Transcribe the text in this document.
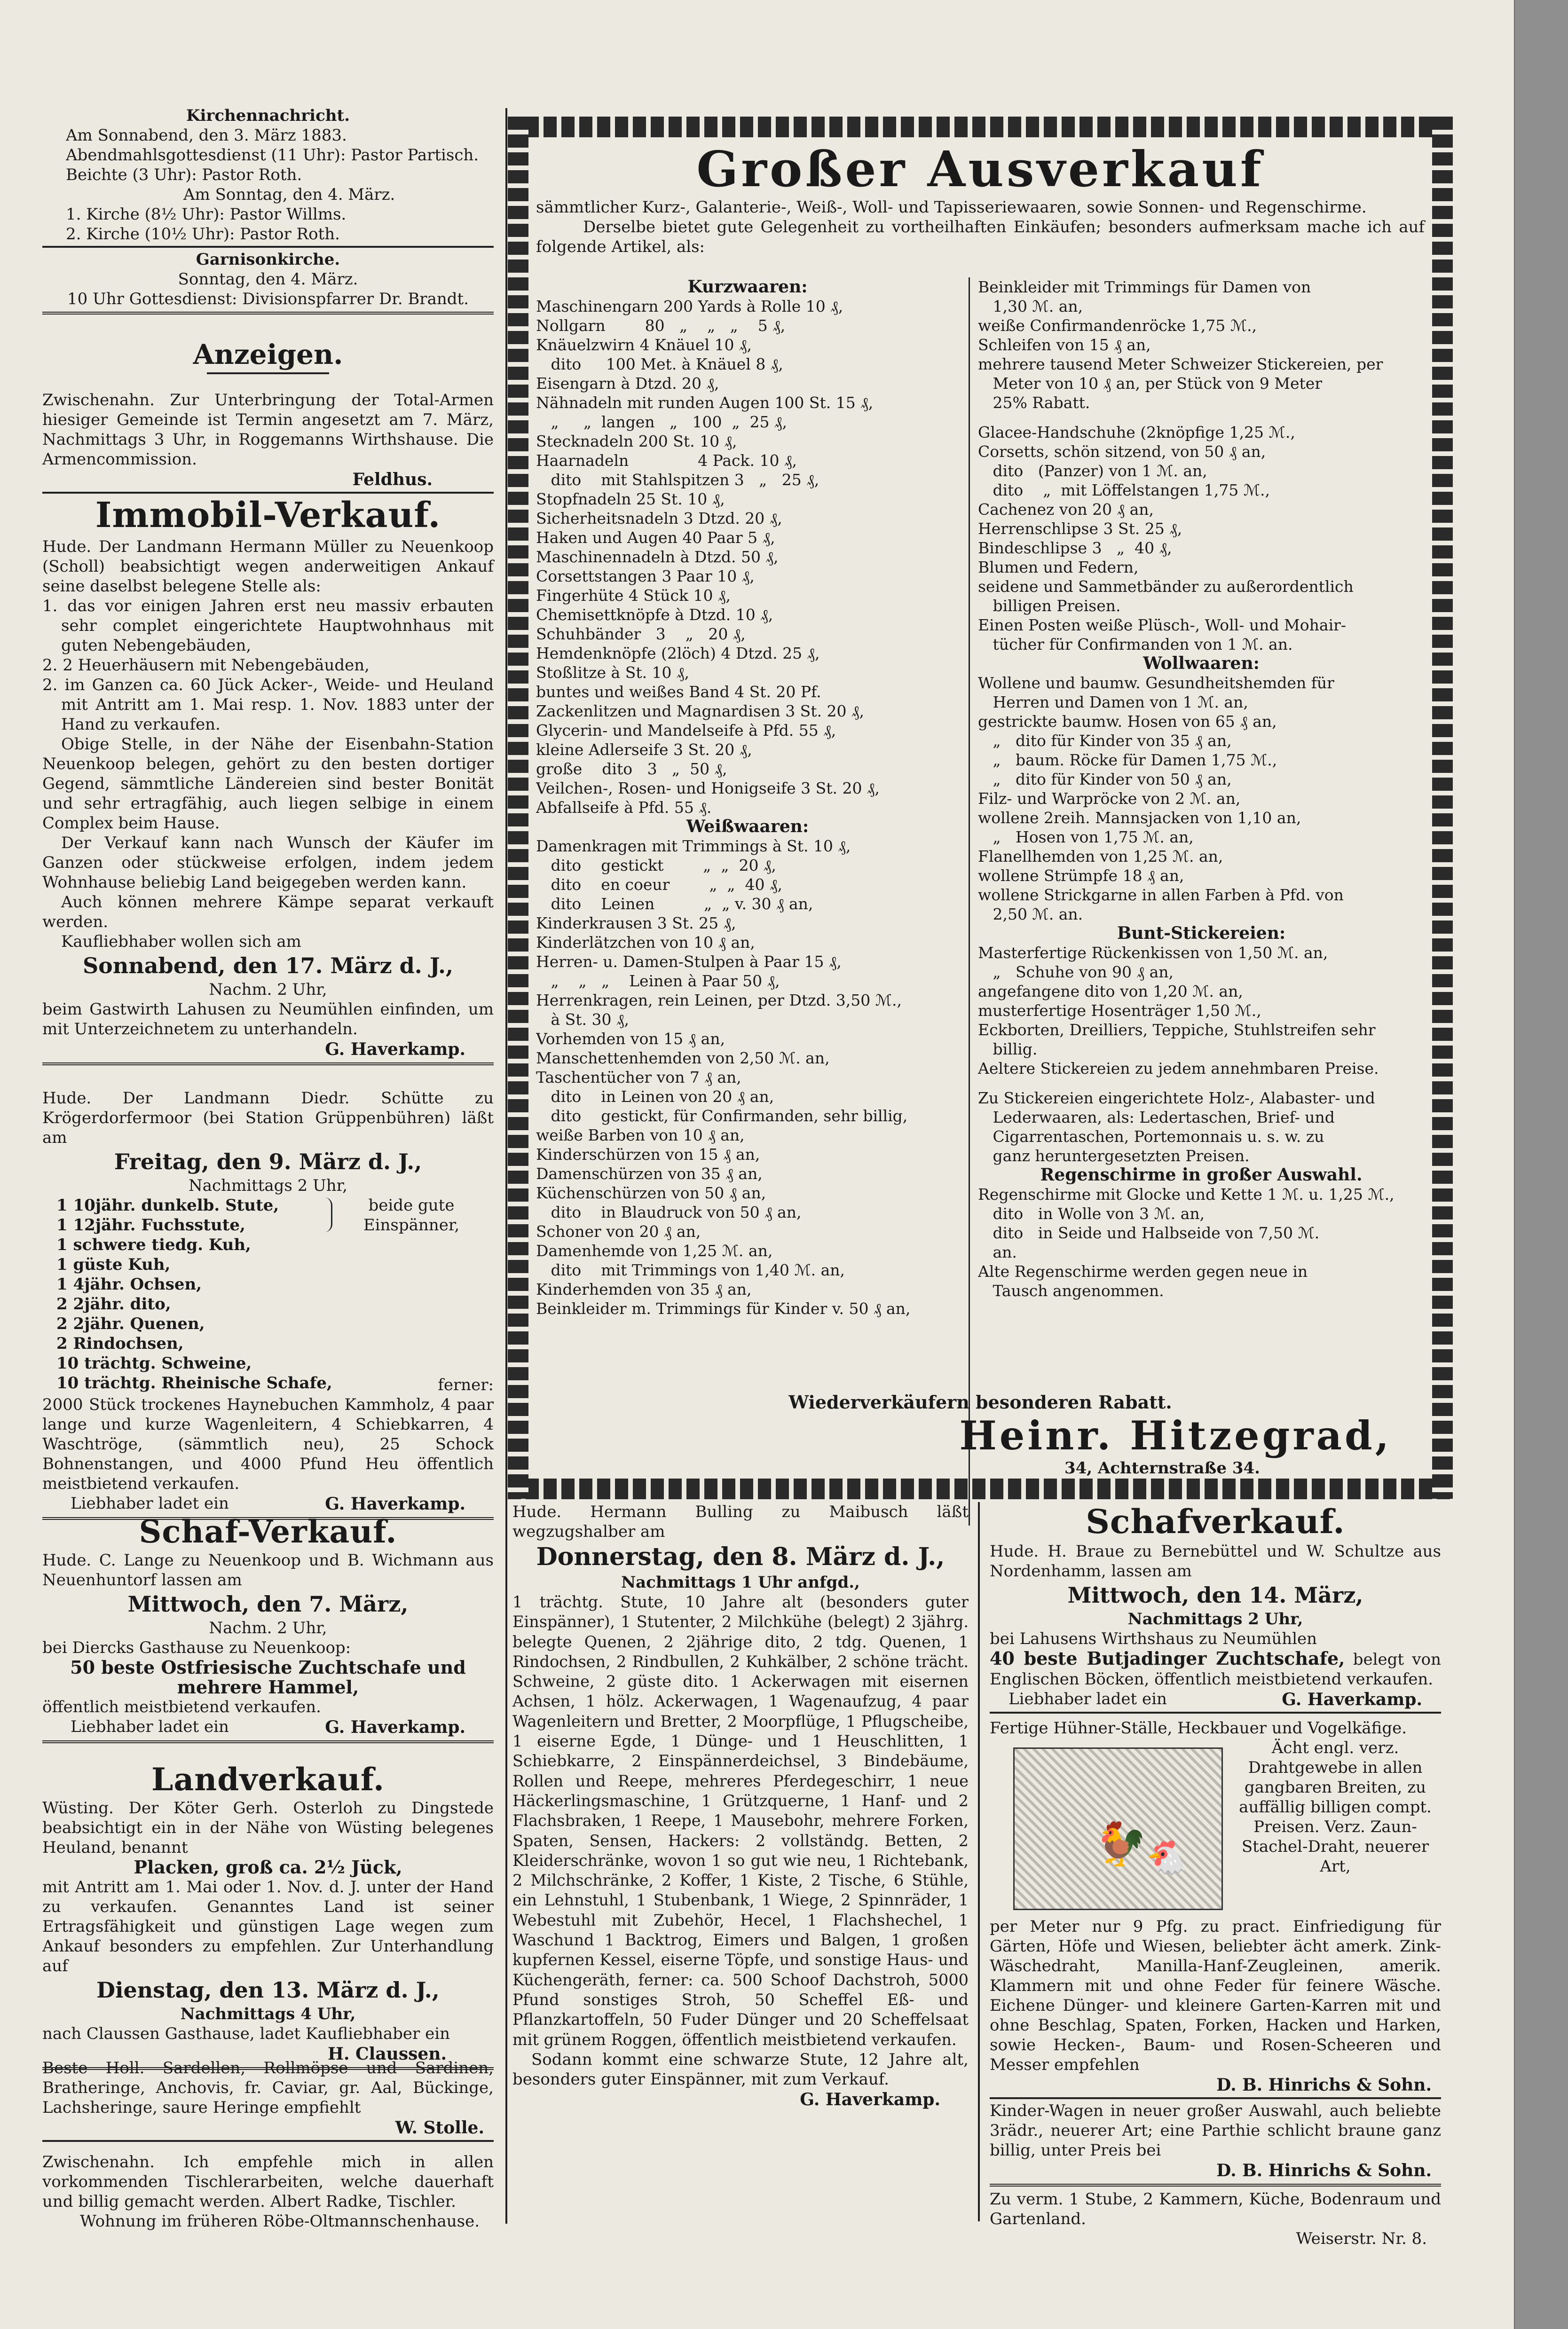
Kirchennachricht.

Am Sonnabend, den 3. März 1883.

Abendmahlsgottesdienst (11 Uhr): Pastor Partisch.

Beichte (3 Uhr): Pastor Roth.

Am Sonntag, den 4. März.

1. Kirche (8½ Uhr): Pastor Willms.

2. Kirche (10½ Uhr): Pastor Roth.

Garnisonkirche.

Sonntag, den 4. März.

10 Uhr Gottesdienst: Divisionspfarrer Dr. Brandt.

Anzeigen.

Zwischenahn. Zur Unterbringung der Total-Armen hiesiger Gemeinde ist Termin angesetzt am 7. März, Nachmittags 3 Uhr, in Roggemanns Wirthshause. Die Armencommission.

Feldhus.

Immobil-Verkauf.

Hude. Der Landmann Hermann Müller zu Neuenkoop (Scholl) beabsichtigt wegen anderweitigen Ankauf seine daselbst belegene Stelle als:

1. das vor einigen Jahren erst neu massiv erbauten sehr complet eingerichtete Hauptwohnhaus mit guten Nebengebäuden,

2. 2 Heuerhäusern mit Nebengebäuden,

2. im Ganzen ca. 60 Jück Acker-, Weide- und Heuland mit Antritt am 1. Mai resp. 1. Nov. 1883 unter der Hand zu verkaufen.

Obige Stelle, in der Nähe der Eisenbahn-Station Neuenkoop belegen, gehört zu den besten dortiger Gegend, sämmtliche Ländereien sind bester Bonität und sehr ertragfähig, auch liegen selbige in einem Complex beim Hause.

Der Verkauf kann nach Wunsch der Käufer im Ganzen oder stückweise erfolgen, indem jedem Wohnhause beliebig Land beigegeben werden kann.

Auch können mehrere Kämpe separat verkauft werden.

Kaufliebhaber wollen sich am

Sonnabend, den 17. März d. J.,

Nachm. 2 Uhr,

beim Gastwirth Lahusen zu Neumühlen einfinden, um mit Unterzeichnetem zu unterhandeln.

G. Haverkamp.

Hude. Der Landmann Diedr. Schütte zu Krögerdorfermoor (bei Station Grüppenbühren) läßt am

Freitag, den 9. März d. J.,

Nachmittags 2 Uhr,

1 10jähr. dunkelb. Stute,

1 12jähr. Fuchsstute,

1 schwere tiedg. Kuh,

1 güste Kuh,

1 4jähr. Ochsen,

2 2jähr. dito,

2 2jähr. Quenen,

2 Rindochsen,

10 trächtg. Schweine,

10 trächtg. Rheinische Schafe,	ferner:

beide gute Einspänner,

2000 Stück trockenes Haynebuchen Kammholz, 4 paar lange und kurze Wagenleitern, 4 Schiebkarren, 4 Waschtröge, (sämmtlich neu), 25 Schock Bohnenstangen, und 4000 Pfund Heu öffentlich meistbietend verkaufen.

Liebhaber ladet ein	G. Haverkamp.

Schaf-Verkauf.

Hude. C. Lange zu Neuenkoop und B. Wichmann aus Neuenhuntorf lassen am

Mittwoch, den 7. März,

Nachm. 2 Uhr,

bei Diercks Gasthause zu Neuenkoop:

50 beste Ostfriesische Zuchtschafe und mehrere Hammel,

öffentlich meistbietend verkaufen.

Liebhaber ladet ein	G. Haverkamp.

Landverkauf.

Wüsting. Der Köter Gerh. Osterloh zu Dingstede beabsichtigt ein in der Nähe von Wüsting belegenes Heuland, benannt

Placken, groß ca. 2½ Jück,

mit Antritt am 1. Mai oder 1. Nov. d. J. unter der Hand zu verkaufen. Genanntes Land ist seiner Ertragsfähigkeit und günstigen Lage wegen zum Ankauf besonders zu empfehlen. Zur Unterhandlung auf

Dienstag, den 13. März d. J.,

Nachmittags 4 Uhr,

nach Claussen Gasthause, ladet Kaufliebhaber ein

H. Claussen.

Beste Holl. Sardellen, Rollmöpse und Sardinen, Bratheringe, Anchovis, fr. Caviar, gr. Aal, Bückinge, Lachsheringe, saure Heringe empfiehlt

W. Stolle.

Zwischenahn. Ich empfehle mich in allen vorkommenden Tischlerarbeiten, welche dauerhaft und billig gemacht werden. Albert Radke, Tischler.

Wohnung im früheren Röbe-Oltmannschenhause.

Großer Ausverkauf

sämmtlicher Kurz-, Galanterie-, Weiß-, Woll- und Tapisseriewaaren, sowie Sonnen- und Regenschirme.

Derselbe bietet gute Gelegenheit zu vortheilhaften Einkäufen; besonders aufmerksam mache ich auf folgende Artikel, als:

Kurzwaaren:

Maschinengarn 200 Yards à Rolle 10 ₰,

Nollgarn        80   „    „   „    5 ₰,

Knäuelzwirn 4 Knäuel 10 ₰,

dito     100 Met. à Knäuel 8 ₰,

Eisengarn à Dtzd. 20 ₰,

Nähnadeln mit runden Augen 100 St. 15 ₰,

„     „  langen   „   100  „  25 ₰,

Stecknadeln 200 St. 10 ₰,

Haarnadeln              4 Pack. 10 ₰,

dito    mit Stahlspitzen 3   „   25 ₰,

Stopfnadeln 25 St. 10 ₰,

Sicherheitsnadeln 3 Dtzd. 20 ₰,

Haken und Augen 40 Paar 5 ₰,

Maschinennadeln à Dtzd. 50 ₰,

Corsettstangen 3 Paar 10 ₰,

Fingerhüte 4 Stück 10 ₰,

Chemisettknöpfe à Dtzd. 10 ₰,

Schuhbänder   3    „   20 ₰,

Hemdenknöpfe (2löch) 4 Dtzd. 25 ₰,

Stoßlitze à St. 10 ₰,

buntes und weißes Band 4 St. 20 Pf.

Zackenlitzen und Magnardisen 3 St. 20 ₰,

Glycerin- und Mandelseife à Pfd. 55 ₰,

kleine Adlerseife 3 St. 20 ₰,

große    dito   3   „  50 ₰,

Veilchen-, Rosen- und Honigseife 3 St. 20 ₰,

Abfallseife à Pfd. 55 ₰.

Weißwaaren:

Damenkragen mit Trimmings à St. 10 ₰,

dito    gestickt        „  „  20 ₰,

dito    en coeur        „  „  40 ₰,

dito    Leinen          „  „ v. 30 ₰ an,

Kinderkrausen 3 St. 25 ₰,

Kinderlätzchen von 10 ₰ an,

Herren- u. Damen-Stulpen à Paar 15 ₰,

„    „   „    Leinen à Paar 50 ₰,

Herrenkragen, rein Leinen, per Dtzd. 3,50 ℳ.,

à St. 30 ₰,

Vorhemden von 15 ₰ an,

Manschettenhemden von 2,50 ℳ. an,

Taschentücher von 7 ₰ an,

dito    in Leinen von 20 ₰ an,

dito    gestickt, für Confirmanden, sehr billig,

weiße Barben von 10 ₰ an,

Kinderschürzen von 15 ₰ an,

Damenschürzen von 35 ₰ an,

Küchenschürzen von 50 ₰ an,

dito    in Blaudruck von 50 ₰ an,

Schoner von 20 ₰ an,

Damenhemde von 1,25 ℳ. an,

dito    mit Trimmings von 1,40 ℳ. an,

Kinderhemden von 35 ₰ an,

Beinkleider m. Trimmings für Kinder v. 50 ₰ an,

Beinkleider mit Trimmings für Damen von

1,30 ℳ. an,

weiße Confirmandenröcke 1,75 ℳ.,

Schleifen von 15 ₰ an,

mehrere tausend Meter Schweizer Stickereien, per

Meter von 10 ₰ an, per Stück von 9 Meter

25% Rabatt.

Glacee-Handschuhe (2knöpfige 1,25 ℳ.,

Corsetts, schön sitzend, von 50 ₰ an,

dito   (Panzer) von 1 ℳ. an,

dito    „  mit Löffelstangen 1,75 ℳ.,

Cachenez von 20 ₰ an,

Herrenschlipse 3 St. 25 ₰,

Bindeschlipse 3   „  40 ₰,

Blumen und Federn,

seidene und Sammetbänder zu außerordentlich

billigen Preisen.

Einen Posten weiße Plüsch-, Woll- und Mohair-

tücher für Confirmanden von 1 ℳ. an.

Wollwaaren:

Wollene und baumw. Gesundheitshemden für

Herren und Damen von 1 ℳ. an,

gestrickte baumw. Hosen von 65 ₰ an,

„   dito für Kinder von 35 ₰ an,

„   baum. Röcke für Damen 1,75 ℳ.,

„   dito für Kinder von 50 ₰ an,

Filz- und Warpröcke von 2 ℳ. an,

wollene 2reih. Mannsjacken von 1,10 an,

„   Hosen von 1,75 ℳ. an,

Flanellhemden von 1,25 ℳ. an,

wollene Strümpfe 18 ₰ an,

wollene Strickgarne in allen Farben à Pfd. von

2,50 ℳ. an.

Bunt-Stickereien:

Masterfertige Rückenkissen von 1,50 ℳ. an,

„   Schuhe von 90 ₰ an,

angefangene dito von 1,20 ℳ. an,

musterfertige Hosenträger 1,50 ℳ.,

Eckborten, Dreilliers, Teppiche, Stuhlstreifen sehr

billig.

Aeltere Stickereien zu jedem annehmbaren Preise.

Zu Stickereien eingerichtete Holz-, Alabaster- und

Lederwaaren, als: Ledertaschen, Brief- und

Cigarrentaschen, Portemonnais u. s. w. zu

ganz heruntergesetzten Preisen.

Regenschirme in großer Auswahl.

Regenschirme mit Glocke und Kette 1 ℳ. u. 1,25 ℳ.,

dito   in Wolle von 3 ℳ. an,

dito   in Seide und Halbseide von 7,50 ℳ.

an.

Alte Regenschirme werden gegen neue in

Tausch angenommen.

Wiederverkäufern besonderen Rabatt.

Heinr. Hitzegrad,

34, Achternstraße 34.

Hude. Hermann Bulling zu Maibusch läßt wegzugshalber am

Donnerstag, den 8. März d. J.,

Nachmittags 1 Uhr anfgd.,

1 trächtg. Stute, 10 Jahre alt (besonders guter Einspänner), 1 Stutenter, 2 Milchkühe (belegt) 2 3jährg. belegte Quenen, 2 2jährige dito, 2 tdg. Quenen, 1 Rindochsen, 2 Rindbullen, 2 Kuhkälber, 2 schöne trächt. Schweine, 2 güste dito. 1 Ackerwagen mit eisernen Achsen, 1 hölz. Ackerwagen, 1 Wagenaufzug, 4 paar Wagenleitern und Bretter, 2 Moorpflüge, 1 Pflugscheibe, 1 eiserne Egde, 1 Dünge- und 1 Heuschlitten, 1 Schiebkarre, 2 Einspännerdeichsel, 3 Bindebäume, Rollen und Reepe, mehreres Pferdegeschirr, 1 neue Häckerlingsmaschine, 1 Grützquerne, 1 Hanf- und 2 Flachsbraken, 1 Reepe, 1 Mausebohr, mehrere Forken, Spaten, Sensen, Hackers: 2 vollständg. Betten, 2 Kleiderschränke, wovon 1 so gut wie neu, 1 Richtebank, 2 Milchschränke, 2 Koffer, 1 Kiste, 2 Tische, 6 Stühle, ein Lehnstuhl, 1 Stubenbank, 1 Wiege, 2 Spinnräder, 1 Webestuhl mit Zubehör, Hecel, 1 Flachshechel, 1 Waschund 1 Backtrog, Eimers und Balgen, 1 großen kupfernen Kessel, eiserne Töpfe, und sonstige Haus- und Küchengeräth, ferner: ca. 500 Schoof Dachstroh, 5000 Pfund sonstiges Stroh, 50 Scheffel Eß- und Pflanzkartoffeln, 50 Fuder Dünger und 20 Scheffelsaat mit grünem Roggen, öffentlich meistbietend verkaufen.

Sodann kommt eine schwarze Stute, 12 Jahre alt, besonders guter Einspänner, mit zum Verkauf.

G. Haverkamp.

Schafverkauf.

Hude. H. Braue zu Bernebüttel und W. Schultze aus Nordenhamm, lassen am

Mittwoch, den 14. März,

Nachmittags 2 Uhr,

bei Lahusens Wirthshaus zu Neumühlen

40 beste Butjadinger Zuchtschafe, belegt von Englischen Böcken, öffentlich meistbietend verkaufen.

Liebhaber ladet ein	G. Haverkamp.

Fertige Hühner-Ställe, Heckbauer und Vogelkäfige.

🐓
🐔

Ächt engl. verz. Drahtgewebe in allen gangbaren Breiten, zu auffällig billigen compt. Preisen. Verz. Zaun-Stachel-Draht, neuerer Art,

per Meter nur 9 Pfg. zu pract. Einfriedigung für Gärten, Höfe und Wiesen, beliebter ächt amerk. Zink-Wäschedraht, Manilla-Hanf-Zeugleinen, amerik. Klammern mit und ohne Feder für feinere Wäsche. Eichene Dünger- und kleinere Garten-Karren mit und ohne Beschlag, Spaten, Forken, Hacken und Harken, sowie Hecken-, Baum- und Rosen-Scheeren und Messer empfehlen

D. B. Hinrichs & Sohn.

Kinder-Wagen in neuer großer Auswahl, auch beliebte 3rädr., neuerer Art; eine Parthie schlicht braune ganz billig, unter Preis bei

D. B. Hinrichs & Sohn.

Zu verm. 1 Stube, 2 Kammern, Küche, Bodenraum und Gartenland.

Weiserstr. Nr. 8.
